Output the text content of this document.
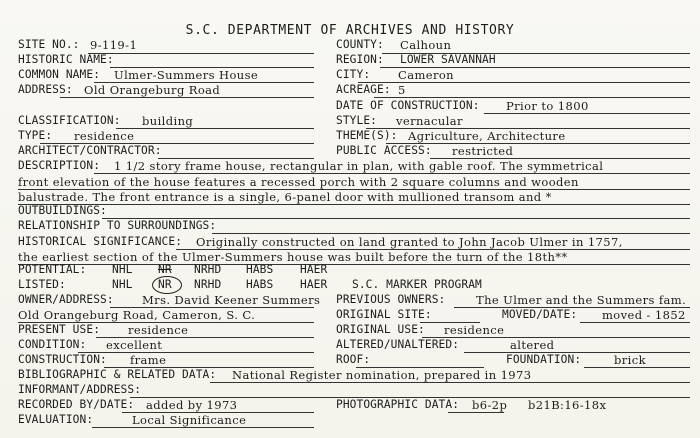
S.C. DEPARTMENT OF ARCHIVES AND HISTORY
SITE NO.: 9-119-1	COUNTY: Calhoun
HISTORIC NAME:	REGION: LOWER SAVANNAH
COMMON NAME: Ulmer-Summers House	CITY: Cameron
ADDRESS: Old Orangeburg Road	ACREAGE: 5
DATE OF CONSTRUCTION: Prior to 1800
CLASSIFICATION: building	STYLE: vernacular
TYPE: residence	THEME(S): Agriculture, Architecture
ARCHITECT/CONTRACTOR:	PUBLIC ACCESS: restricted
DESCRIPTION: 1 1/2 story frame house, rectangular in plan, with gable roof. The symmetrical
front elevation of the house features a recessed porch with 2 square columns and wooden
balustrade. The front entrance is a single, 6-panel door with mullioned transom and *
OUTBUILDINGS:
RELATIONSHIP TO SURROUNDINGS:
HISTORICAL SIGNIFICANCE: Originally constructed on land granted to John Jacob Ulmer in 1757,
the earliest section of the Ulmer-Summers house was built before the turn of the 18th**
POTENTIAL: NHL NR NRHD HABS HAER
LISTED:	NHL NR NRHD HABS HAER S.C. MARKER PROGRAM
OWNER/ADDRESS: Mrs. David Keener Summers PREVIOUS OWNERS:	The Ulmer and the Summers fam.
Old Orangeburg Road, Cameron, S. C.	ORIGINAL SITE:	MOVED/DATE: moved - 1852
PRESENT USE: residence	ORIGINAL USE: residence
CONDITION: excellent	ALTERED/UNALTERED:	altered
CONSTRUCTION: frame	ROOF:	FOUNDATION:	brick
BIBLIOGRAPHIC & RELATED DATA: National Register nomination, prepared in 1973
INFORMANT/ADDRESS:
RECORDED BY/DATE: added by 1973	PHOTOGRAPHIC DATA: b6-2p b21B:16-18x
EVALUATION:	Local Significance
